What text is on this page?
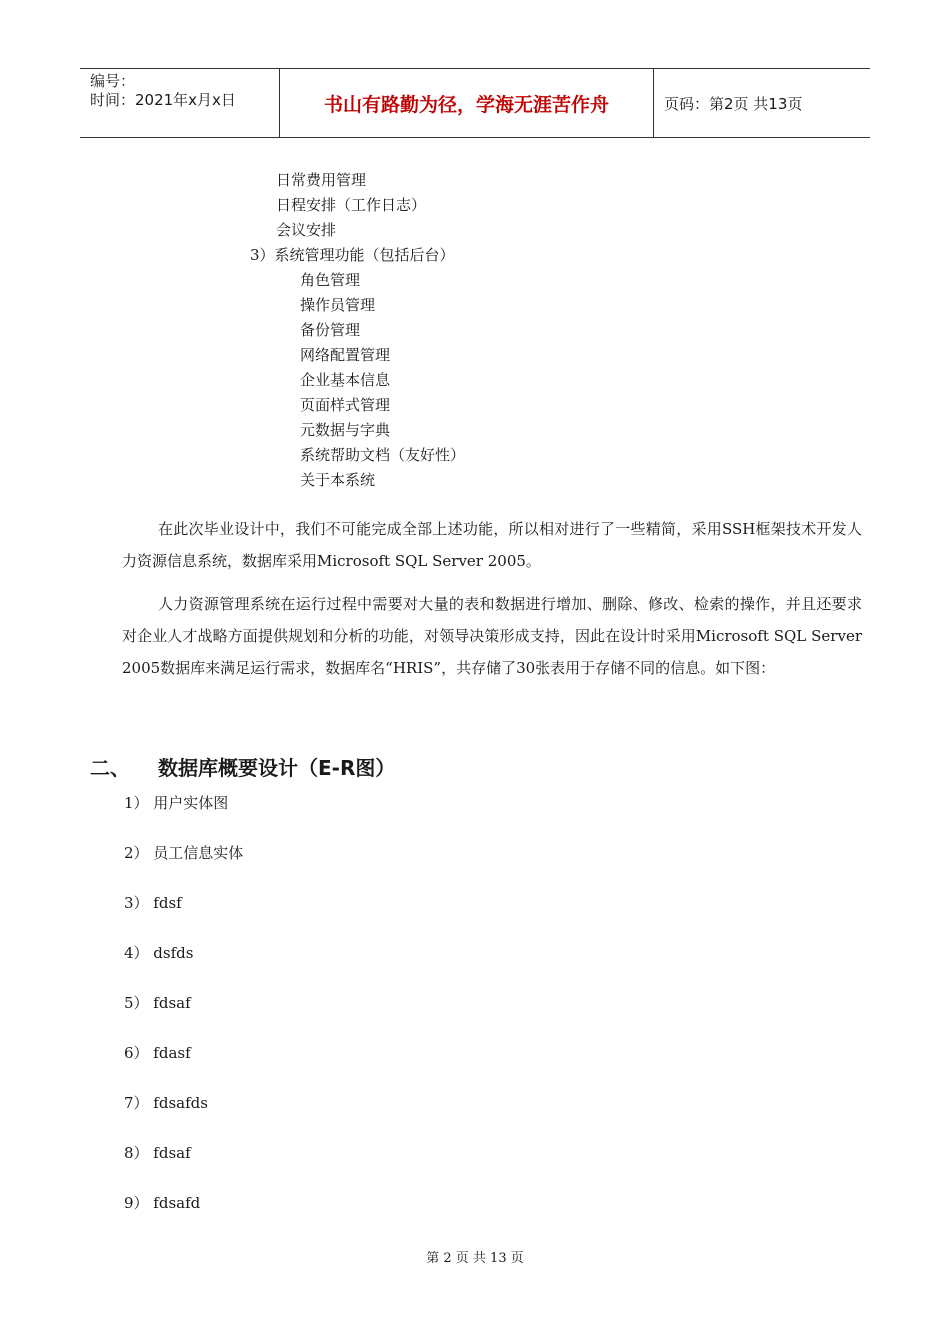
编号：
时间：2021年x月x日	书山有路勤为径，学海无涯苦作舟	页码：第2页 共13页
日常费用管理
日程安排（工作日志）
会议安排
3）系统管理功能（包括后台）
角色管理
操作员管理
备份管理
网络配置管理
企业基本信息
页面样式管理
元数据与字典
系统帮助文档（友好性）
关于本系统
在此次毕业设计中，我们不可能完成全部上述功能，所以相对进行了一些精简，采用SSH框架技术开发人力资源信息系统，数据库采用Microsoft SQL Server 2005。
人力资源管理系统在运行过程中需要对大量的表和数据进行增加、删除、修改、检索的操作，并且还要求对企业人才战略方面提供规划和分析的功能，对领导决策形成支持，因此在设计时采用Microsoft SQL Server 2005数据库来满足运行需求，数据库名“HRIS”，共存储了30张表用于存储不同的信息。如下图：
二、 数据库概要设计（E-R图）
1） 用户实体图
2） 员工信息实体
3） fdsf
4） dsfds
5） fdsaf
6） fdasf
7） fdsafds
8） fdsaf
9） fdsafd
第 2 页 共 13 页
